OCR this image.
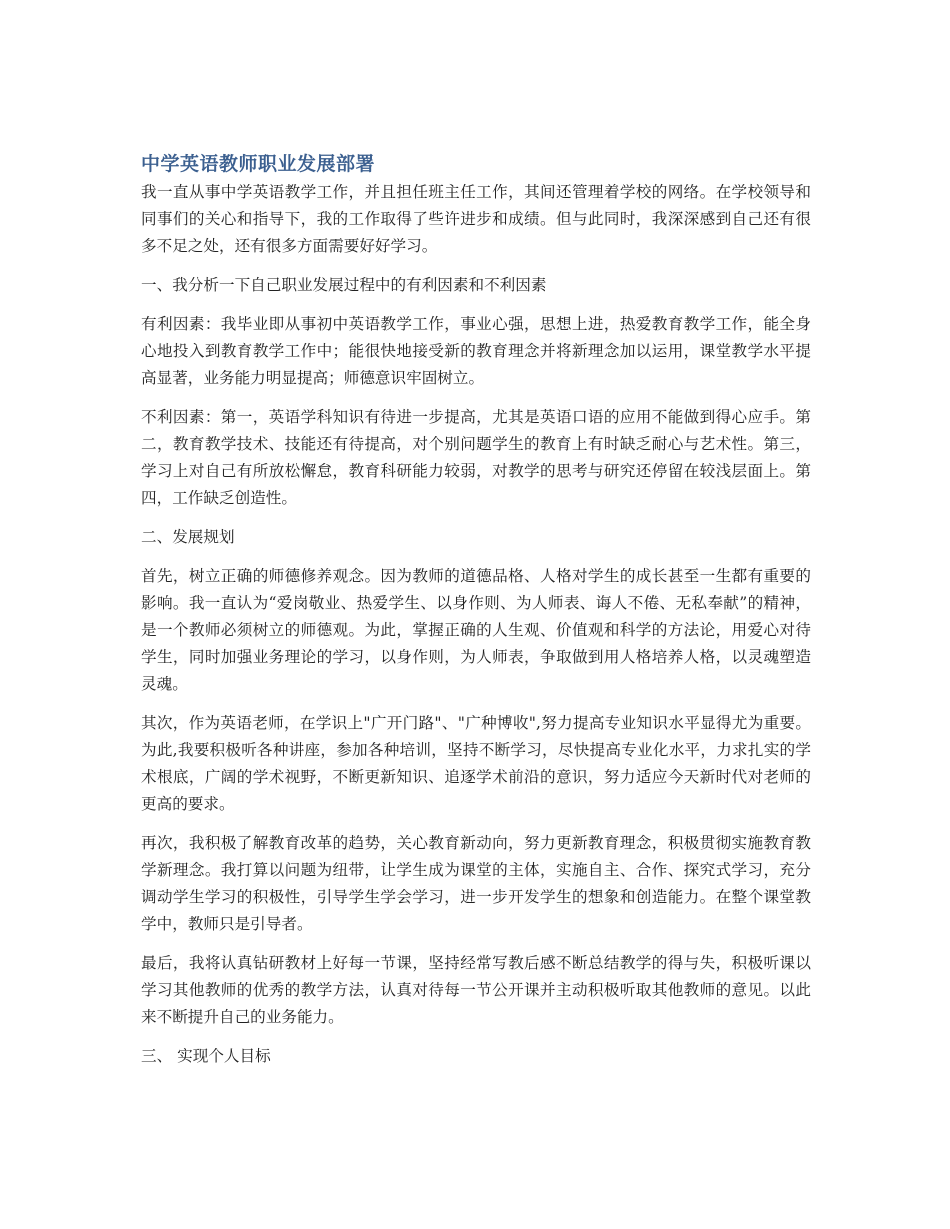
中学英语教师职业发展部署

我一直从事中学英语教学工作，并且担任班主任工作，其间还管理着学校的网络。在学校领导和同事们的关心和指导下，我的工作取得了些许进步和成绩。但与此同时，我深深感到自己还有很多不足之处，还有很多方面需要好好学习。

一、我分析一下自己职业发展过程中的有利因素和不利因素

有利因素：我毕业即从事初中英语教学工作，事业心强，思想上进，热爱教育教学工作，能全身心地投入到教育教学工作中；能很快地接受新的教育理念并将新理念加以运用，课堂教学水平提高显著，业务能力明显提高；师德意识牢固树立。

不利因素：第一，英语学科知识有待进一步提高，尤其是英语口语的应用不能做到得心应手。第二，教育教学技术、技能还有待提高，对个别问题学生的教育上有时缺乏耐心与艺术性。第三，学习上对自己有所放松懈怠，教育科研能力较弱，对教学的思考与研究还停留在较浅层面上。第四，工作缺乏创造性。

二、发展规划

首先，树立正确的师德修养观念。因为教师的道德品格、人格对学生的成长甚至一生都有重要的影响。我一直认为“爱岗敬业、热爱学生、以身作则、为人师表、诲人不倦、无私奉献”的精神，是一个教师必须树立的师德观。为此，掌握正确的人生观、价值观和科学的方法论，用爱心对待学生，同时加强业务理论的学习，以身作则，为人师表，争取做到用人格培养人格，以灵魂塑造灵魂。

其次，作为英语老师，在学识上"广开门路"、"广种博收",努力提高专业知识水平显得尤为重要。为此,我要积极听各种讲座，参加各种培训，坚持不断学习，尽快提高专业化水平，力求扎实的学术根底，广阔的学术视野，不断更新知识、追逐学术前沿的意识，努力适应今天新时代对老师的更高的要求。

再次，我积极了解教育改革的趋势，关心教育新动向，努力更新教育理念，积极贯彻实施教育教学新理念。我打算以问题为纽带，让学生成为课堂的主体，实施自主、合作、探究式学习，充分调动学生学习的积极性，引导学生学会学习，进一步开发学生的想象和创造能力。在整个课堂教学中，教师只是引导者。

最后，我将认真钻研教材上好每一节课，坚持经常写教后感不断总结教学的得与失，积极听课以学习其他教师的优秀的教学方法，认真对待每一节公开课并主动积极听取其他教师的意见。以此来不断提升自己的业务能力。

三、 实现个人目标
